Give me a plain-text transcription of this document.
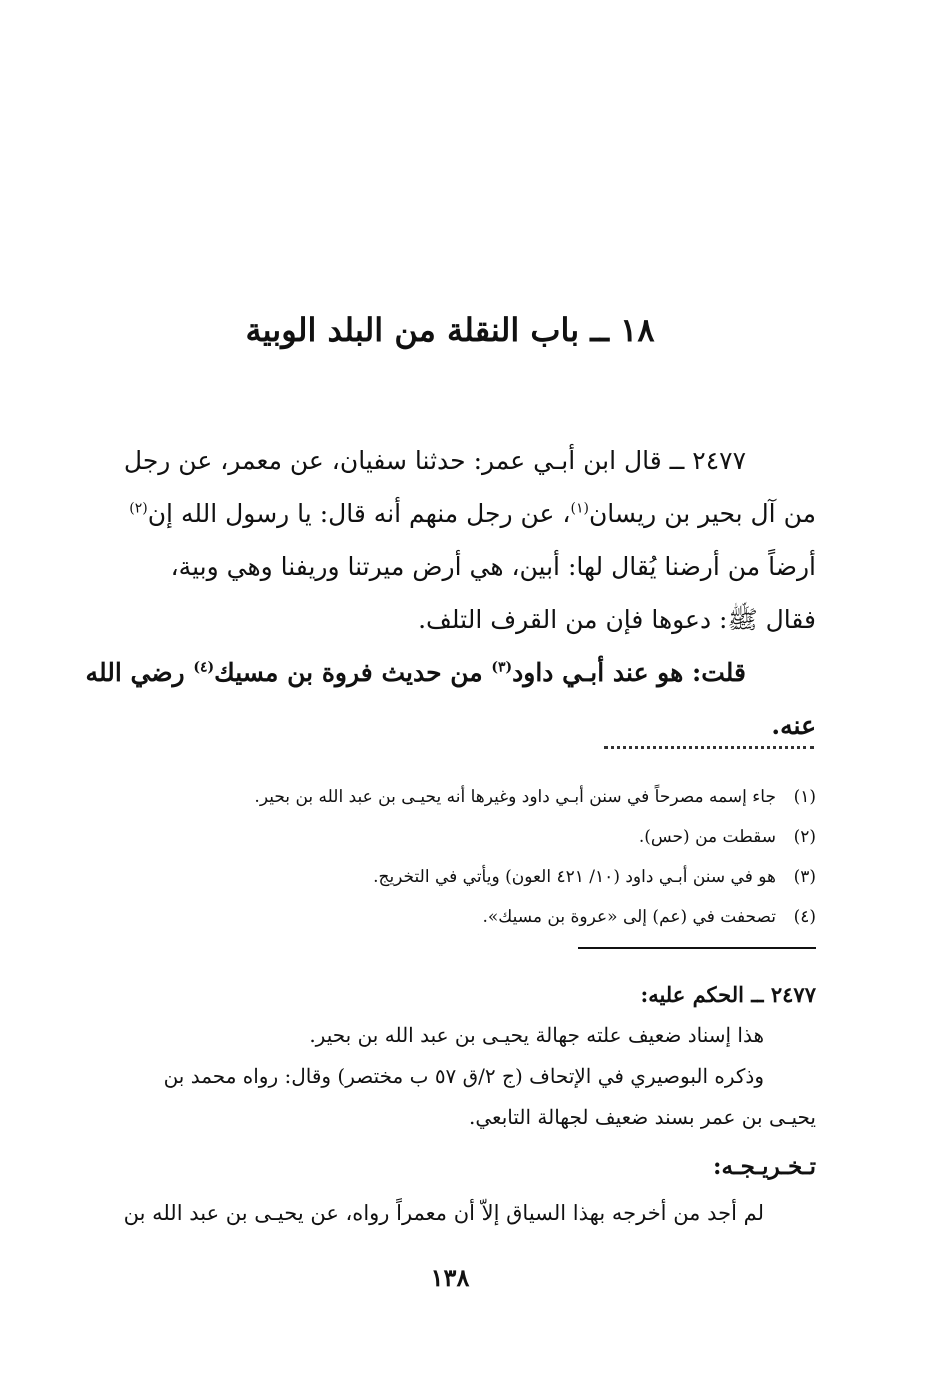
١٨ ــ باب النقلة من البلد الوبية
٢٤٧٧ ــ قال ابن أبـي عمر: حدثنا سفيان، عن معمر، عن رجل
من آل بحير بن ريسان$^{(١)}$، عن رجل منهم أنه قال: يا رسول الله إن$^{(٢)}$
أرضاً من أرضنا يُقال لها: أبين، هي أرض ميرتنا وريفنا وهي وبية،
فقال ﷺ: دعوها فإن من القرف التلف.
قلت: هو عند أبـي داود$^{(٣)}$ من حديث فروة بن مسيك$^{(٤)}$ رضي الله
عنه.
(١)جاء إسمه مصرحاً في سنن أبـي داود وغيرها أنه يحيـى بن عبد الله بن بحير.
(٢)سقطت من (حس).
(٣)هو في سنن أبـي داود (١٠/ ٤٢١ العون) ويأتي في التخريج.
(٤)تصحفت في (عم) إلى «عروة بن مسيك».
٢٤٧٧ ــ الحكم عليه:
هذا إسناد ضعيف علته جهالة يحيـى بن عبد الله بن بحير.
وذكره البوصيري في الإتحاف (ج ٢/ق ٥٧ ب مختصر) وقال: رواه محمد بن
يحيـى بن عمر بسند ضعيف لجهالة التابعي.
تـخـريـجـه:
لم أجد من أخرجه بهذا السياق إلاّ أن معمراً رواه، عن يحيـى بن عبد الله بن
١٣٨
